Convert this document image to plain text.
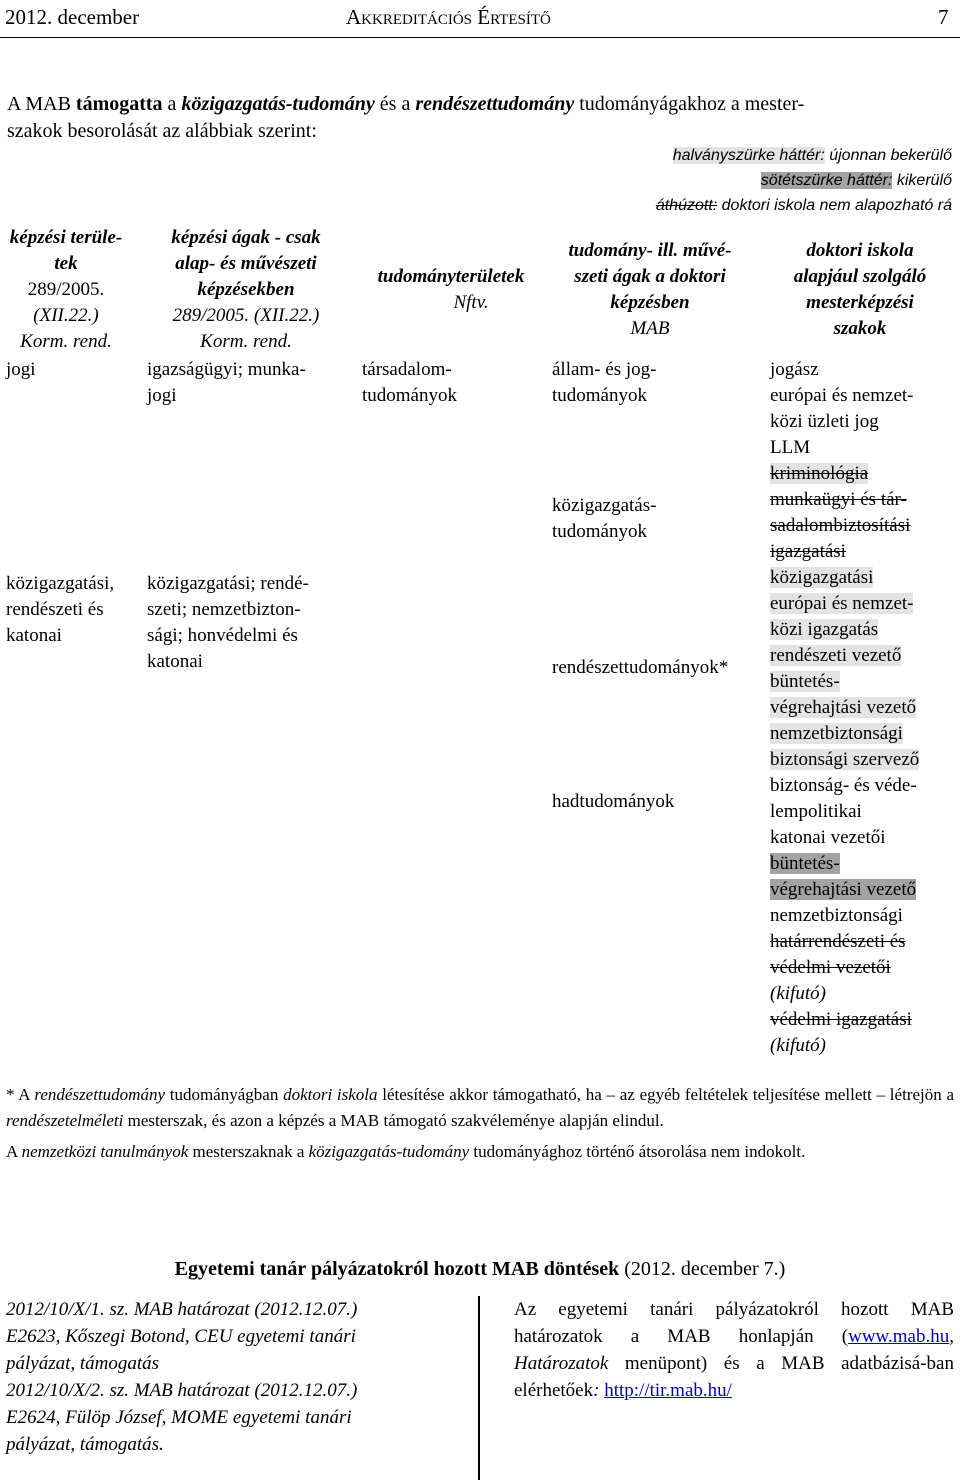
2012. december	Akkreditációs Értesítő	7
A MAB támogatta a közigazgatás-tudomány és a rendészettudomány tudományágakhoz a mester-
szakok besorolását az alábbiak szerint:
halványszürke háttér: újonnan bekerülő
sötétszürke háttér: kikerülő
áthúzott: doktori iskola nem alapozható rá
képzési terüle-
tek
289/2005.
(XII.22.)
Korm. rend.
képzési ágak - csak
alap- és művészeti
képzésekben
289/2005. (XII.22.)
Korm. rend.
tudományterületek
Nftv.
tudomány- ill. művé-
szeti ágak a doktori
képzésben
MAB
doktori iskola
alapjául szolgáló
mesterképzési
szakok
jogi
közigazgatási,
rendészeti és
katonai
igazságügyi; munka-
jogi
közigazgatási; rendé-
szeti; nemzetbizton-
sági; honvédelmi és
katonai
társadalom-
tudományok
állam- és jog-
tudományok
közigazgatás-
tudományok
rendészettudományok*
hadtudományok
jogász
európai és nemzet-
közi üzleti jog
LLM
kriminológia
munkaügyi és tár-
sadalombiztosítási
igazgatási
közigazgatási
európai és nemzet-
közi igazgatás
rendészeti vezető
büntetés-
végrehajtási vezető
nemzetbiztonsági
biztonsági szervező
biztonság- és véde-
lempolitikai
katonai vezetői
büntetés-
végrehajtási vezető
nemzetbiztonsági
határrendészeti és
védelmi vezetői
(kifutó)
védelmi igazgatási
(kifutó)
* A rendészettudomány tudományágban doktori iskola létesítése akkor támogatható, ha – az egyéb feltételek teljesítése mellett – létrejön a rendészetelméleti mesterszak, és azon a képzés a MAB támogató szakvéleménye alapján elindul.
A nemzetközi tanulmányok mesterszaknak a közigazgatás-tudomány tudományághoz történő átsorolása nem indokolt.
Egyetemi tanár pályázatokról hozott MAB döntések (2012. december 7.)
2012/10/X/1. sz. MAB határozat (2012.12.07.)
E2623, Kőszegi Botond, CEU egyetemi tanári
pályázat, támogatás
2012/10/X/2. sz. MAB határozat (2012.12.07.)
E2624, Fülöp József, MOME egyetemi tanári
pályázat, támogatás.
Az egyetemi tanári pályázatokról hozott MAB határozatok a MAB honlapján (www.mab.hu, Határozatok menüpont) és a MAB adatbázisá-ban elérhetőek: http://tir.mab.hu/
